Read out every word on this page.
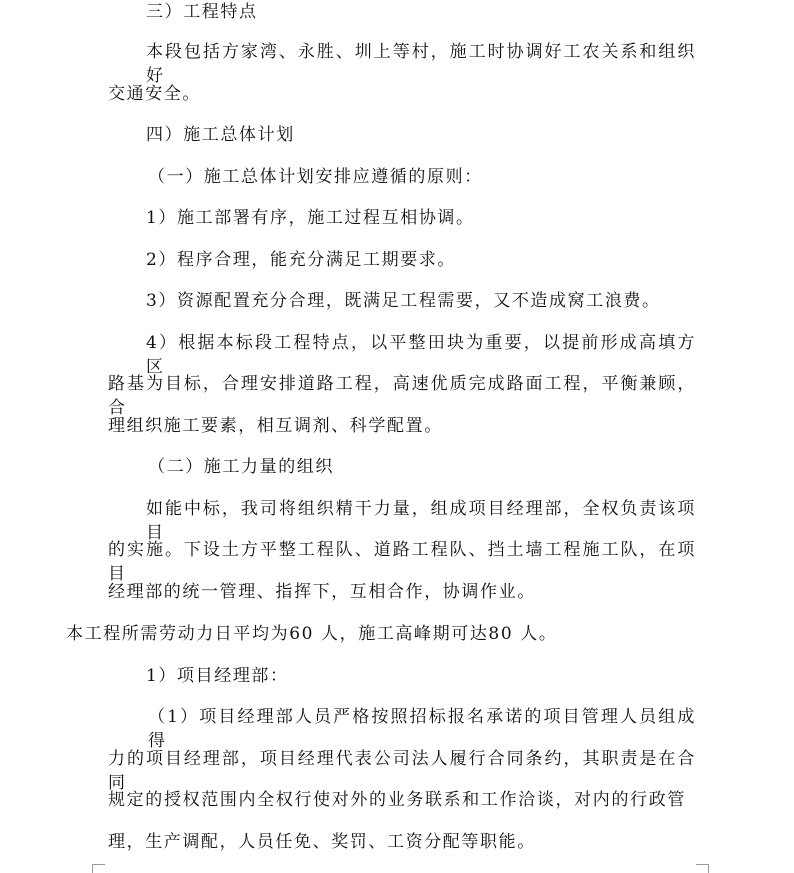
三）工程特点
本段包括方家湾、永胜、圳上等村，施工时协调好工农关系和组织好
交通安全。
四）施工总体计划
（一）施工总体计划安排应遵循的原则：
1）施工部署有序，施工过程互相协调。
2）程序合理，能充分满足工期要求。
3）资源配置充分合理，既满足工程需要，又不造成窝工浪费。
4）根据本标段工程特点，以平整田块为重要，以提前形成高填方区
路基为目标，合理安排道路工程，高速优质完成路面工程，平衡兼顾，合
理组织施工要素，相互调剂、科学配置。
（二）施工力量的组织
如能中标，我司将组织精干力量，组成项目经理部，全权负责该项目
的实施。下设土方平整工程队、道路工程队、挡土墙工程施工队，在项目
经理部的统一管理、指挥下，互相合作，协调作业。
本工程所需劳动力日平均为60 人，施工高峰期可达80 人。
1）项目经理部：
（1）项目经理部人员严格按照招标报名承诺的项目管理人员组成得
力的项目经理部，项目经理代表公司法人履行合同条约，其职责是在合同
规定的授权范围内全权行使对外的业务联系和工作洽谈，对内的行政管
理，生产调配，人员任免、奖罚、工资分配等职能。
